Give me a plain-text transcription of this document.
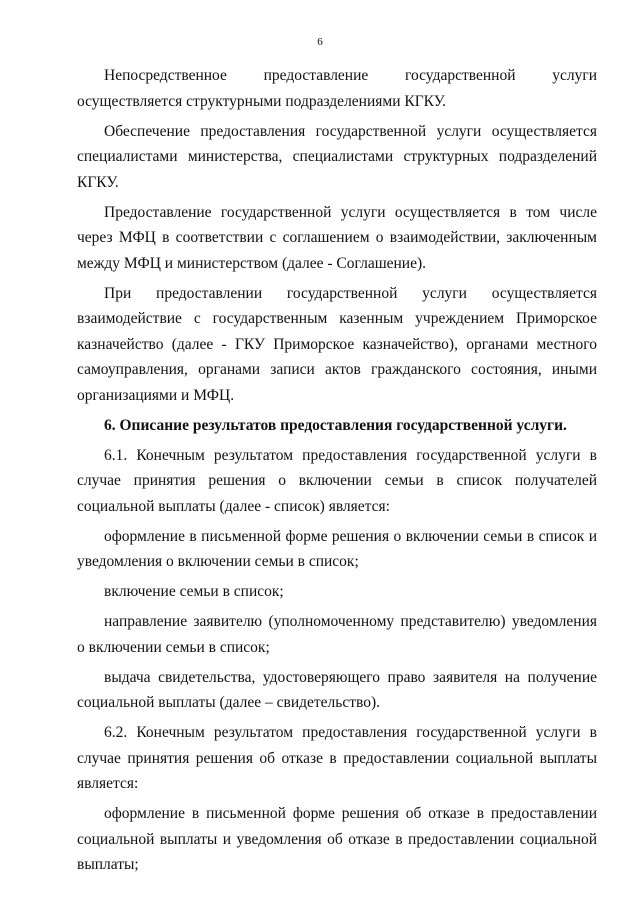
6

Непосредственное предоставление государственной услуги осуществляется структурными подразделениями КГКУ.

Обеспечение предоставления государственной услуги осуществляется специалистами министерства, специалистами структурных подразделений КГКУ.

Предоставление государственной услуги осуществляется в том числе через МФЦ в соответствии с соглашением о взаимодействии, заключенным между МФЦ и министерством (далее - Соглашение).

При предоставлении государственной услуги осуществляется взаимодействие с государственным казенным учреждением Приморское казначейство (далее - ГКУ Приморское казначейство), органами местного самоуправления, органами записи актов гражданского состояния, иными организациями и МФЦ.

6. Описание результатов предоставления государственной услуги.

6.1. Конечным результатом предоставления государственной услуги в случае принятия решения о включении семьи в список получателей социальной выплаты (далее - список) является:

оформление в письменной форме решения о включении семьи в список и уведомления о включении семьи в список;

включение семьи в список;

направление заявителю (уполномоченному представителю) уведомления о включении семьи в список;

выдача свидетельства, удостоверяющего право заявителя на получение социальной выплаты (далее – свидетельство).

6.2. Конечным результатом предоставления государственной услуги в случае принятия решения об отказе в предоставлении социальной выплаты является:

оформление в письменной форме решения об отказе в предоставлении социальной выплаты и уведомления об отказе в предоставлении социальной выплаты;
